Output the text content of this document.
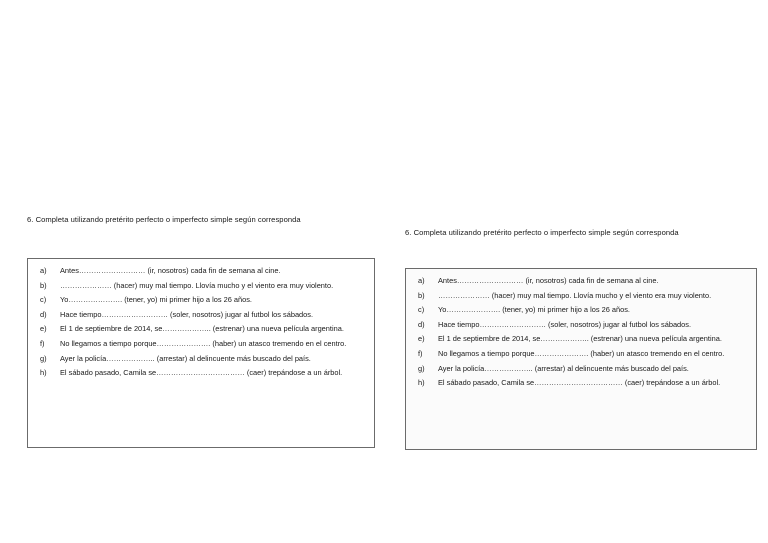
6. Completa utilizando pretérito perfecto o imperfecto simple según corresponda

a) Antes……………………… (ir, nosotros) cada fin de semana al cine.
b) ………………… (hacer) muy mal tiempo. Llovía mucho y el viento era muy violento.
c) Yo…………………. (tener, yo) mi primer hijo a los 26 años.
d) Hace tiempo……………………… (soler, nosotros) jugar al futbol los sábados.
e) El 1 de septiembre de 2014, se……………….. (estrenar) una nueva película argentina.
f) No llegamos a tiempo porque…………………. (haber) un atasco tremendo en el centro.
g) Ayer la policía……………….. (arrestar) al delincuente más buscado del país.
h) El sábado pasado, Camila se……………………………… (caer) trepándose a un árbol.

6. Completa utilizando pretérito perfecto o imperfecto simple según corresponda

a) Antes……………………… (ir, nosotros) cada fin de semana al cine.
b) ………………… (hacer) muy mal tiempo. Llovía mucho y el viento era muy violento.
c) Yo…………………. (tener, yo) mi primer hijo a los 26 años.
d) Hace tiempo……………………… (soler, nosotros) jugar al futbol los sábados.
e) El 1 de septiembre de 2014, se……………….. (estrenar) una nueva película argentina.
f) No llegamos a tiempo porque…………………. (haber) un atasco tremendo en el centro.
g) Ayer la policía……………….. (arrestar) al delincuente más buscado del país.
h) El sábado pasado, Camila se……………………………… (caer) trepándose a un árbol.
